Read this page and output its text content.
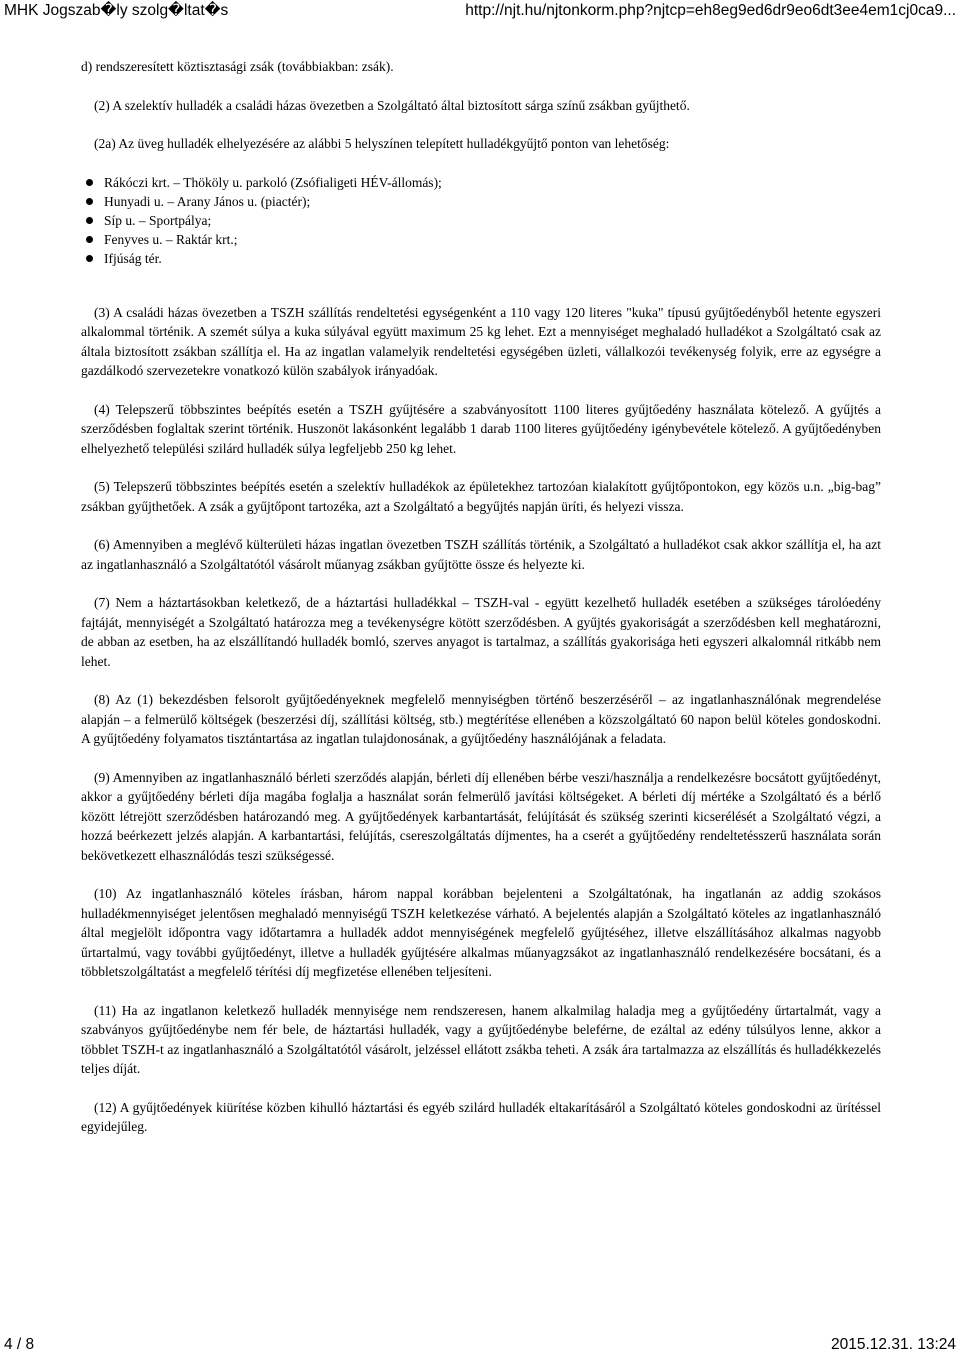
MHK Jogszab�ly szolg�ltat�s	http://njt.hu/njtonkorm.php?njtcp=eh8eg9ed6dr9eo6dt3ee4em1cj0ca9...

d) rendszeresített köztisztasági zsák (továbbiakban: zsák).

(2) A szelektív hulladék a családi házas övezetben a Szolgáltató által biztosított sárga színű zsákban gyűjthető.

(2a) Az üveg hulladék elhelyezésére az alábbi 5 helyszínen telepített hulladékgyűjtő ponton van lehetőség:

Rákóczi krt. – Thököly u. parkoló (Zsófialigeti HÉV-állomás);
Hunyadi u. – Arany János u. (piactér);
Síp u. – Sportpálya;
Fenyves u. – Raktár krt.;
Ifjúság tér.

(3) A családi házas övezetben a TSZH szállítás rendeltetési egységenként a 110 vagy 120 literes "kuka" típusú gyűjtőedényből hetente egyszeri alkalommal történik. A szemét súlya a kuka súlyával együtt maximum 25 kg lehet. Ezt a mennyiséget meghaladó hulladékot a Szolgáltató csak az általa biztosított zsákban szállítja el. Ha az ingatlan valamelyik rendeltetési egységében üzleti, vállalkozói tevékenység folyik, erre az egységre a gazdálkodó szervezetekre vonatkozó külön szabályok irányadóak.

(4) Telepszerű többszintes beépítés esetén a TSZH gyűjtésére a szabványosított 1100 literes gyűjtőedény használata kötelező. A gyűjtés a szerződésben foglaltak szerint történik. Huszonöt lakásonként legalább 1 darab 1100 literes gyűjtőedény igénybevétele kötelező. A gyűjtőedényben elhelyezhető települési szilárd hulladék súlya legfeljebb 250 kg lehet.

(5) Telepszerű többszintes beépítés esetén a szelektív hulladékok az épületekhez tartozóan kialakított gyűjtőpontokon, egy közös u.n. „big-bag” zsákban gyűjthetőek. A zsák a gyűjtőpont tartozéka, azt a Szolgáltató a begyűjtés napján üríti, és helyezi vissza.

(6) Amennyiben a meglévő külterületi házas ingatlan övezetben TSZH szállítás történik, a Szolgáltató a hulladékot csak akkor szállítja el, ha azt az ingatlanhasználó a Szolgáltatótól vásárolt műanyag zsákban gyűjtötte össze és helyezte ki.

(7) Nem a háztartásokban keletkező, de a háztartási hulladékkal – TSZH-val - együtt kezelhető hulladék esetében a szükséges tárolóedény fajtáját, mennyiségét a Szolgáltató határozza meg a tevékenységre kötött szerződésben. A gyűjtés gyakoriságát a szerződésben kell meghatározni, de abban az esetben, ha az elszállítandó hulladék bomló, szerves anyagot is tartalmaz, a szállítás gyakorisága heti egyszeri alkalomnál ritkább nem lehet.

(8) Az (1) bekezdésben felsorolt gyűjtőedényeknek megfelelő mennyiségben történő beszerzéséről – az ingatlanhasználónak megrendelése alapján – a felmerülő költségek (beszerzési díj, szállítási költség, stb.) megtérítése ellenében a közszolgáltató 60 napon belül köteles gondoskodni. A gyűjtőedény folyamatos tisztántartása az ingatlan tulajdonosának, a gyűjtőedény használójának a feladata.

(9) Amennyiben az ingatlanhasználó bérleti szerződés alapján, bérleti díj ellenében bérbe veszi/használja a rendelkezésre bocsátott gyűjtőedényt, akkor a gyűjtőedény bérleti díja magába foglalja a használat során felmerülő javítási költségeket. A bérleti díj mértéke a Szolgáltató és a bérlő között létrejött szerződésben határozandó meg. A gyűjtőedények karbantartását, felújítását és szükség szerinti kicserélését a Szolgáltató végzi, a hozzá beérkezett jelzés alapján. A karbantartási, felújítás, csereszolgáltatás díjmentes, ha a cserét a gyűjtőedény rendeltetésszerű használata során bekövetkezett elhasználódás teszi szükségessé.

(10) Az ingatlanhasználó köteles írásban, három nappal korábban bejelenteni a Szolgáltatónak, ha ingatlanán az addig szokásos hulladékmennyiséget jelentősen meghaladó mennyiségű TSZH keletkezése várható. A bejelentés alapján a Szolgáltató köteles az ingatlanhasználó által megjelölt időpontra vagy időtartamra a hulladék addot mennyiségének megfelelő gyűjtéséhez, illetve elszállításához alkalmas nagyobb űrtartalmú, vagy további gyűjtőedényt, illetve a hulladék gyűjtésére alkalmas műanyagzsákot az ingatlanhasználó rendelkezésére bocsátani, és a többletszolgáltatást a megfelelő térítési díj megfizetése ellenében teljesíteni.

(11) Ha az ingatlanon keletkező hulladék mennyisége nem rendszeresen, hanem alkalmilag haladja meg a gyűjtőedény űrtartalmát, vagy a szabványos gyűjtőedénybe nem fér bele, de háztartási hulladék, vagy a gyűjtőedénybe beleférne, de ezáltal az edény túlsúlyos lenne, akkor a többlet TSZH-t az ingatlanhasználó a Szolgáltatótól vásárolt, jelzéssel ellátott zsákba teheti. A zsák ára tartalmazza az elszállítás és hulladékkezelés teljes díját.

(12) A gyűjtőedények kiürítése közben kihulló háztartási és egyéb szilárd hulladék eltakarításáról a Szolgáltató köteles gondoskodni az ürítéssel egyidejűleg.

4 / 8	2015.12.31. 13:24
